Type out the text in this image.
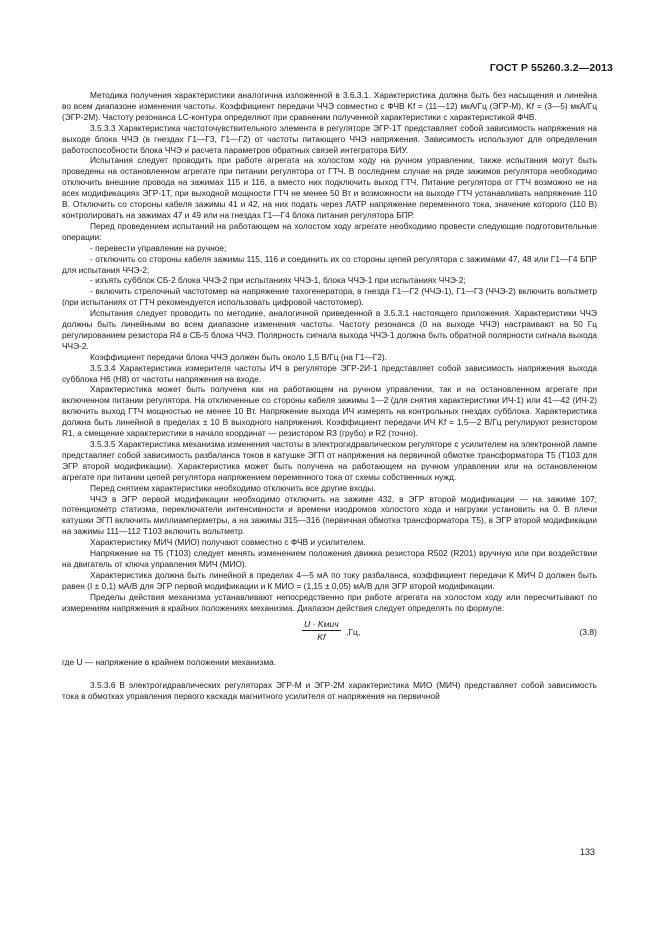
ГОСТ Р 55260.3.2—2013

Методика получения характеристики аналогична изложенной в 3.6.3.1. Характеристика должна быть без насыщения и линейна во всем диапазоне изменения частоты. Коэффициент передачи ЧЧЭ совместно с ФЧВ Kf = (11—12) мкА/Гц (ЭГР-М), Kf = (3—5) мкА/Гц (ЭГР-2М). Частоту резонанса LC-контура определяют при сравнении полученной характеристики с характеристикой ФЧВ.

3.5.3.3 Характеристика частоточувствительного элемента в регуляторе ЭГР-1Т представляет собой зависимость напряжения на выходе блока ЧЧЭ (в гнездах Г1—Г3, Г1—Г2) от частоты питающего ЧЧЭ напряжения. Зависимость используют для определения работоспособности блока ЧЧЭ и расчета параметров обратных связей интегратора БИУ.

Испытания следует проводить при работе агрегата на холостом ходу на ручном управлении, также испытания могут быть проведены на остановленном агрегате при питании регулятора от ГТЧ. В последнем случае на ряде зажимов регулятора необходимо отключить внешние провода на зажимах 115 и 116, а вместо них подключить выход ГТЧ. Питание регулятора от ГТЧ возможно не на всех модификациях ЭГР-1Т, при выходной мощности ГТЧ не менее 50 Вт и возможности на выходе ГТЧ устанавливать напряжение 110 В. Отключить со стороны кабеля зажимы 41 и 42, на них подать через ЛАТР напряжение переменного тока, значение которого (110 В) контролировать на зажимах 47 и 49 или на гнездах Г1—Г4 блока питания регулятора БПР.

Перед проведением испытаний на работающем на холостом ходу агрегате необходимо провести следующие подготовительные операции:

- перевести управление на ручное;

- отключить со стороны кабеля зажимы 115, 116 и соединить их со стороны цепей регулятора с зажимами 47, 48 или Г1—Г4 БПР для испытания ЧЧЭ-2;

- изъять субблок СБ-2 блока ЧЧЭ-2 при испытаниях ЧЧЭ-1, блока ЧЧЭ-1 при испытаниях ЧЧЭ-2;

- включить стрелочный частотомер на напряжение тахогенератора, в гнезда Г1—Г2 (ЧЧЭ-1), Г1—Г3 (ЧЧЭ-2) включить вольтметр (при испытаниях от ГТЧ рекомендуется использовать цифровой частотомер).

Испытания следует проводить по методике, аналогичной приведенной в 3.5.3.1 настоящего приложения. Характеристики ЧЧЭ должны быть линейными во всем диапазоне изменения частоты. Частоту резонанса (0 на выходе ЧЧЭ) настраивают на 50 Гц регулированием резистора R4 в СБ-5 блока ЧЧЭ. Полярность сигнала выхода ЧЧЭ-1 должна быть обратной полярности сигнала выхода ЧЧЭ-2.

Коэффициент передачи блока ЧЧЭ должен быть около 1,5 В/Гц (на Г1—Г2).

3.5.3.4 Характеристика измерителя частоты ИЧ в регуляторе ЭГР-2И-1 представляет собой зависимость напряжения выхода субблока Н6 (Н8) от частоты напряжения на входе.

Характеристика может быть получена как на работающем на ручном управлении, так и на остановленном агрегате при включенном питании регулятора. На отключенные со стороны кабеля зажимы 1—2 (для снятия характеристики ИЧ-1) или 41—42 (ИЧ-2) включить выход ГТЧ мощностью не менее 10 Вт. Напряжение выхода ИЧ измерять на контрольных гнездах субблока. Характеристика должна быть линейной в пределах ± 10 В выходного напряжения. Коэффициент передачи ИЧ Kf = 1,5—2 В/Гц регулируют резистором R1, а смещение характеристики в начало координат — резистором R3 (грубо) и R2 (точно).

3.5.3.5 Характеристика механизма изменения частоты в электрогидравлическом регуляторе с усилителем на электронной лампе представляет собой зависимость разбаланса токов в катушке ЭГП от напряжения на первичной обмотке трансформатора Т5 (Т103 для ЭГР второй модификации). Характеристика может быть получена на работающем на ручном управлении или на остановленном агрегате при питании цепей регулятора напряжением переменного тока от схемы собственных нужд.

Перед снятием характеристики необходимо отключить все другие входы.

ЧЧЭ в ЭГР первой модификации необходимо отключить на зажиме 432, в ЭГР второй модификации — на зажиме 107; потенциометр статизма, переключатели интенсивности и времени изодромов холостого хода и нагрузки установить на 0. В плечи катушки ЭГП включить миллиамперметры, а на зажимы 315—316 (первичная обмотка трансформатора Т5), в ЭГР второй модификации на зажимы 111—112 Т103 включить вольтметр.

Характеристику МИЧ (МИО) получают совместно с ФЧВ и усилителем.

Напряжение на Т5 (Т103) следует менять изменением положения движка резистора R502 (R201) вручную или при воздействии на двигатель от ключа управления МИЧ (МИО).

Характеристика должна быть линейной в пределах 4—5 мА по току разбаланса, коэффициент передачи К МИЧ 0 должен быть равен (I ± 0,1) мА/В для ЭГР первой модификации и К МИО = (1,15 ± 0,05) мА/В для ЭГР второй модификации.

Пределы действия механизма устанавливают непосредственно при работе агрегата на холостом ходу или пересчитывают по измерениям напряжения в крайних положениях механизма. Диапазон действия следует определять по формуле:

U · Kмич
Kf
,Гц,	(3.8)

где U — напряжение в крайнем положении механизма.

3.5.3.6 В электрогидравлических регуляторах ЭГР-М и ЭГР-2М характеристика МИО (МИЧ) представляет собой зависимость тока в обмотках управления первого каскада магнитного усилителя от напряжения на первичной

133
